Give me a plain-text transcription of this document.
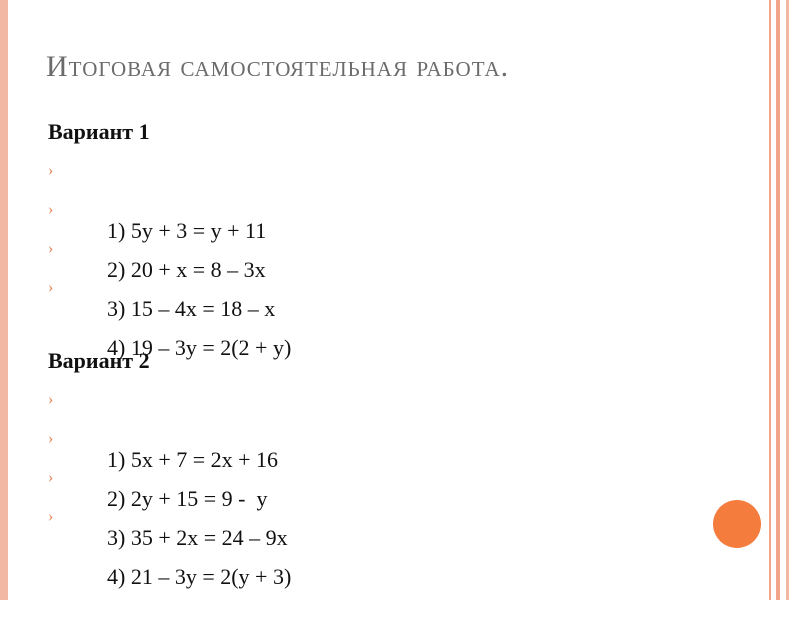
Итоговая самостоятельная работа.
Вариант 1

›

1) 5y + 3 = y + 11

›

2) 20 + x = 8 – 3x

›

3) 15 – 4x = 18 – x

›

4) 19 – 3y = 2(2 + y)

Вариант 2

›

1) 5x + 7 = 2x + 16

›

2) 2y + 15 = 9 -  y

›

3) 35 + 2x = 24 – 9x

›

4) 21 – 3y = 2(y + 3)
